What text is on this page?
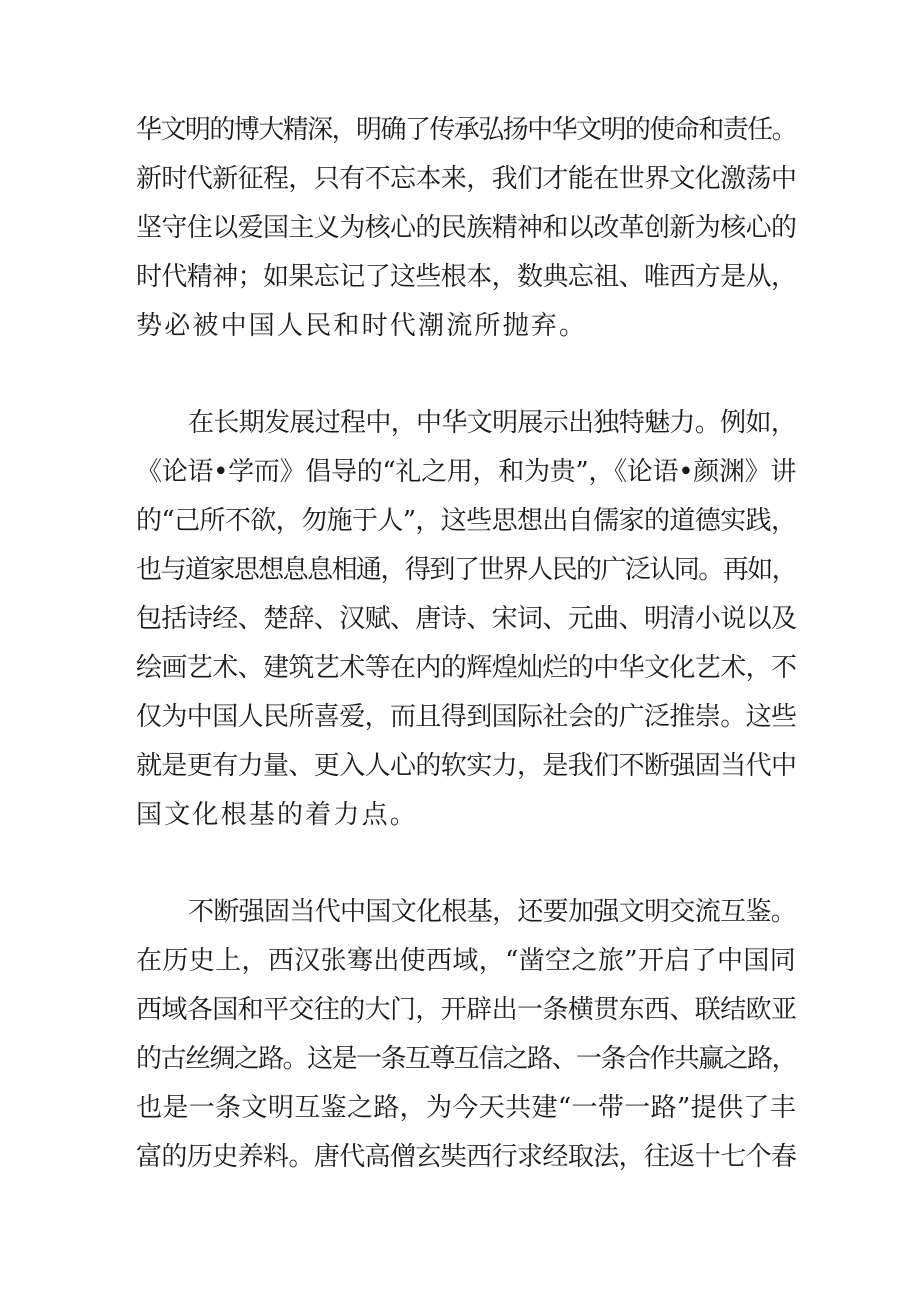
华文明的博大精深，明确了传承弘扬中华文明的使命和责任。
新时代新征程，只有不忘本来，我们才能在世界文化激荡中
坚守住以爱国主义为核心的民族精神和以改革创新为核心的
时代精神；如果忘记了这些根本，数典忘祖、唯西方是从，
势必被中国人民和时代潮流所抛弃。
在长期发展过程中，中华文明展示出独特魅力。例如，
《论语•学而》倡导的“礼之用，和为贵”，《论语•颜渊》讲
的“己所不欲，勿施于人”，这些思想出自儒家的道德实践，
也与道家思想息息相通，得到了世界人民的广泛认同。再如，
包括诗经、楚辞、汉赋、唐诗、宋词、元曲、明清小说以及
绘画艺术、建筑艺术等在内的辉煌灿烂的中华文化艺术，不
仅为中国人民所喜爱，而且得到国际社会的广泛推崇。这些
就是更有力量、更入人心的软实力，是我们不断强固当代中
国文化根基的着力点。
不断强固当代中国文化根基，还要加强文明交流互鉴。
在历史上，西汉张骞出使西域，“凿空之旅”开启了中国同
西域各国和平交往的大门，开辟出一条横贯东西、联结欧亚
的古丝绸之路。这是一条互尊互信之路、一条合作共赢之路，
也是一条文明互鉴之路，为今天共建“一带一路”提供了丰
富的历史养料。唐代高僧玄奘西行求经取法，往返十七个春
